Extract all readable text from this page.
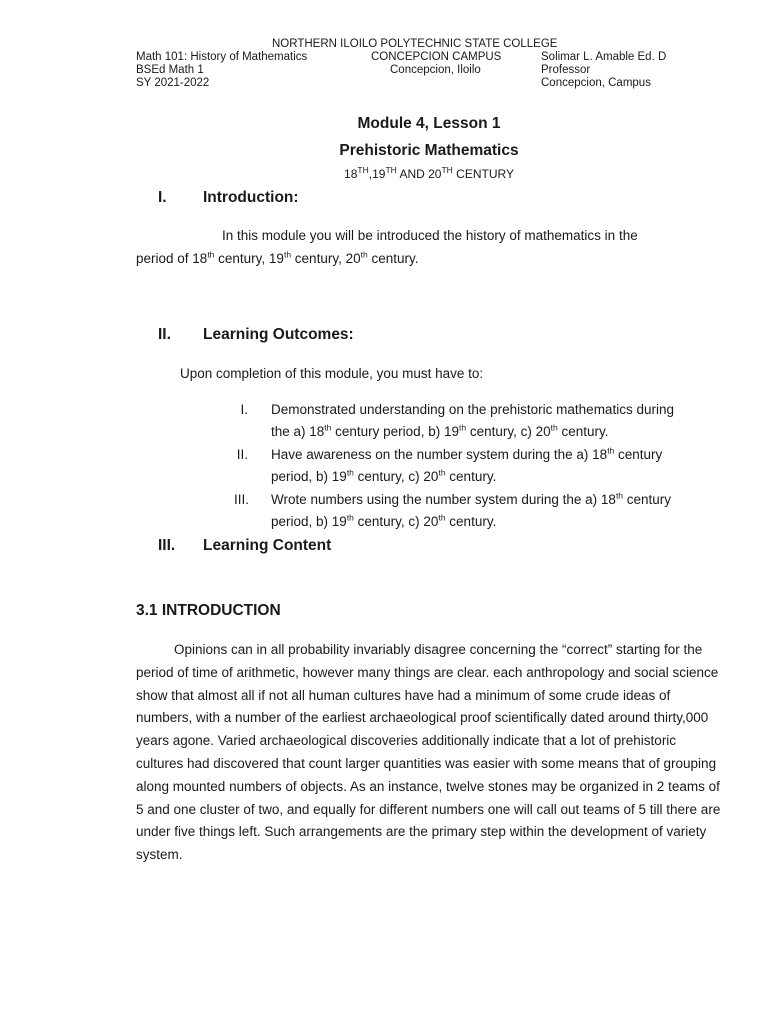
NORTHERN ILOILO POLYTECHNIC STATE COLLEGE
Math 101: History of Mathematics
BSEd Math 1
SY 2021-2022
CONCEPCION CAMPUS
Concepcion, Iloilo
Solimar L. Amable Ed. D
Professor
Concepcion, Campus
Module 4, Lesson 1
Prehistoric Mathematics
18TH,19TH AND 20TH CENTURY
I. Introduction:
In this module you will be introduced the history of mathematics in the
period of 18th century, 19th century, 20th century.
II. Learning Outcomes:
Upon completion of this module, you must have to:
I. Demonstrated understanding on the prehistoric mathematics during
the a) 18th century period, b) 19th century, c) 20th century.
II. Have awareness on the number system during the a) 18th century
period, b) 19th century, c) 20th century.
III. Wrote numbers using the number system during the a) 18th century
period, b) 19th century, c) 20th century.
III. Learning Content
3.1 INTRODUCTION
Opinions can in all probability invariably disagree concerning the “correct” starting for the period of time of arithmetic, however many things are clear. each anthropology and social science show that almost all if not all human cultures have had a minimum of some crude ideas of numbers, with a number of the earliest archaeological proof scientifically dated around thirty,000 years agone. Varied archaeological discoveries additionally indicate that a lot of prehistoric cultures had discovered that count larger quantities was easier with some means that of grouping along mounted numbers of objects. As an instance, twelve stones may be organized in 2 teams of 5 and one cluster of two, and equally for different numbers one will call out teams of 5 till there are under five things left. Such arrangements are the primary step within the development of variety system.
